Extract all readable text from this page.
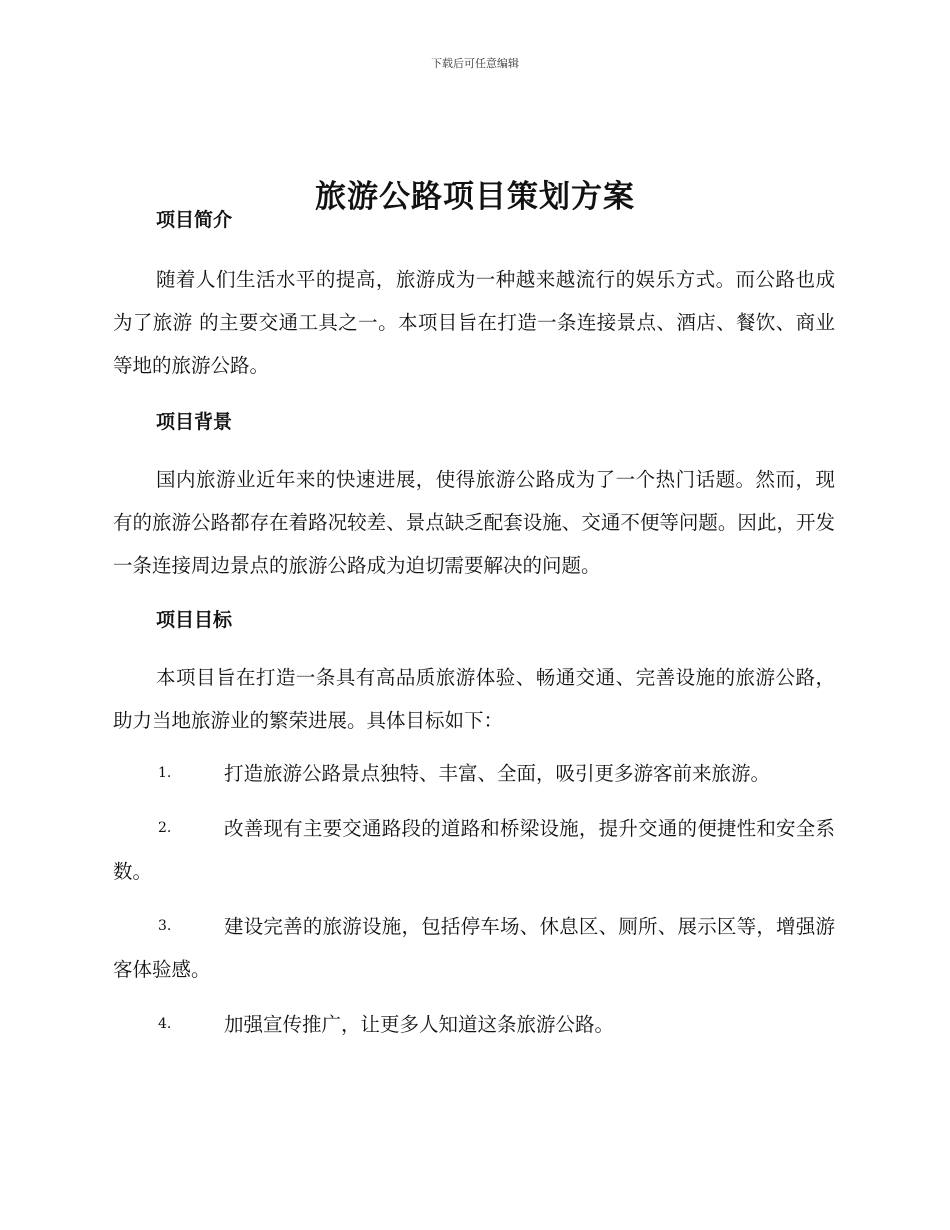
下载后可任意编辑
旅游公路项目策划方案
项目简介

随着人们生活水平的提高，旅游成为一种越来越流行的娱乐方式。而公路也成为了旅游 的主要交通工具之一。本项目旨在打造一条连接景点、酒店、餐饮、商业等地的旅游公路。

项目背景

国内旅游业近年来的快速进展，使得旅游公路成为了一个热门话题。然而，现有的旅游公路都存在着路况较差、景点缺乏配套设施、交通不便等问题。因此，开发一条连接周边景点的旅游公路成为迫切需要解决的问题。

项目目标

本项目旨在打造一条具有高品质旅游体验、畅通交通、完善设施的旅游公路，助力当地旅游业的繁荣进展。具体目标如下：

1.	打造旅游公路景点独特、丰富、全面，吸引更多游客前来旅游。

2.	改善现有主要交通路段的道路和桥梁设施，提升交通的便捷性和安全系数。

3.	建设完善的旅游设施，包括停车场、休息区、厕所、展示区等，增强游客体验感。

4.	加强宣传推广，让更多人知道这条旅游公路。
